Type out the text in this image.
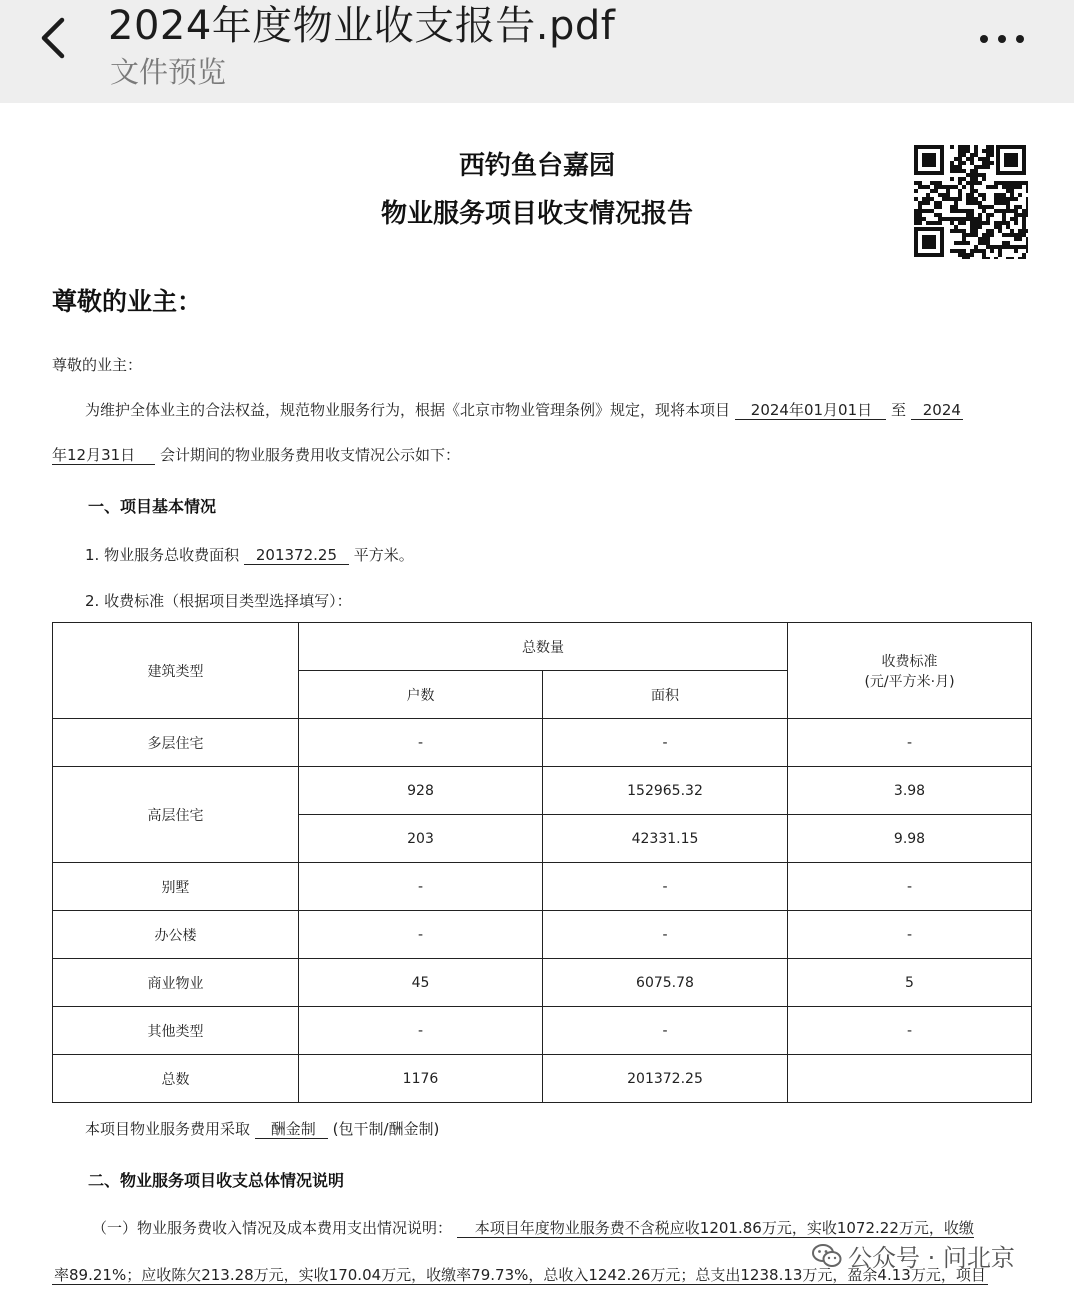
2024年度物业收支报告.pdf
文件预览
西钓鱼台嘉园
物业服务项目收支情况报告
尊敬的业主：
尊敬的业主：
为维护全体业主的合法权益，规范物业服务行为，根据《北京市物业管理条例》规定，现将本项目 2024年01月01日 至 2024
年12月31日 会计期间的物业服务费用收支情况公示如下：
一、项目基本情况
1. 物业服务总收费面积 201372.25 平方米。
2. 收费标准（根据项目类型选择填写）：
建筑类型	总数量		收费标准
(元/平方米·月)

	户数	面积	
多层住宅	-	-	-
高层住宅	928	152965.32	3.98
	203	42331.15	9.98
别墅	-	-	-
办公楼	-	-	-
商业物业	45	6075.78	5
其他类型	-	-	-
总数	1176	201372.25	
本项目物业服务费用采取 酬金制 (包干制/酬金制)
二、物业服务项目收支总体情况说明
（一）物业服务费收入情况及成本费用支出情况说明： 本项目年度物业服务费不含税应收1201.86万元，实收1072.22万元，收缴
率89.21%；应收陈欠213.28万元，实收170.04万元，收缴率79.73%，总收入1242.26万元；总支出1238.13万元，盈余4.13万元，项目
公众号 · 问北京
